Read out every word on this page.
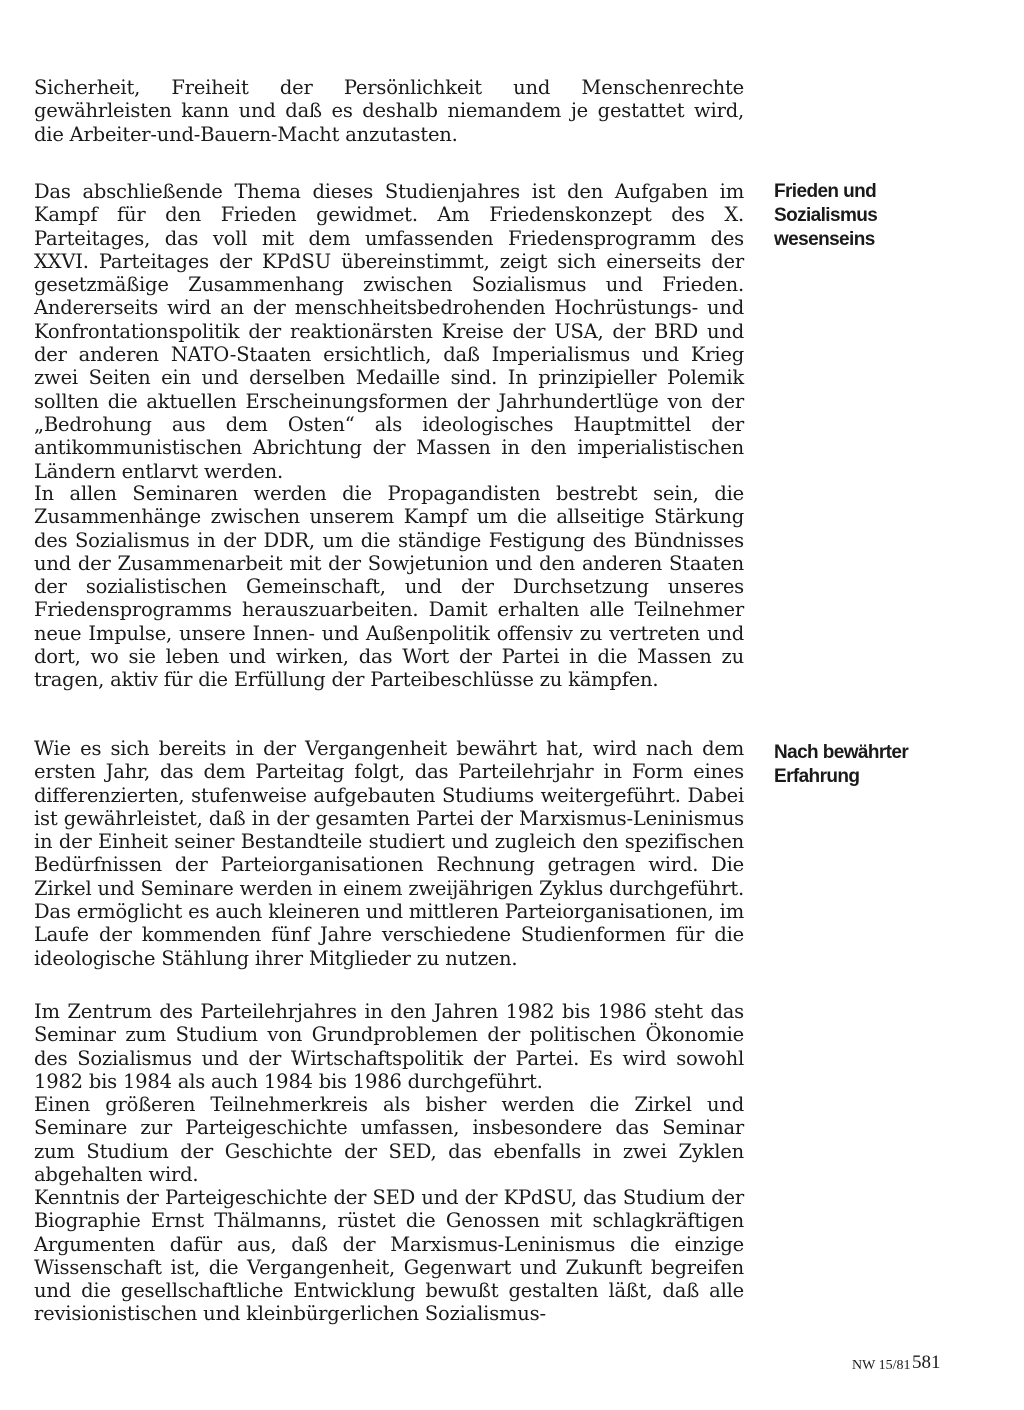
Sicherheit, Freiheit der Persönlichkeit und Menschenrechte gewährleisten kann und daß es deshalb niemandem je gestattet wird, die Arbeiter-und-Bauern-Macht anzutasten.

Das abschließende Thema dieses Studienjahres ist den Aufgaben im Kampf für den Frieden gewidmet. Am Friedenskonzept des X. Parteitages, das voll mit dem umfassenden Friedensprogramm des XXVI. Parteitages der KPdSU übereinstimmt, zeigt sich einerseits der gesetzmäßige Zusammenhang zwischen Sozialismus und Frieden. Andererseits wird an der menschheitsbedrohenden Hochrüstungs- und Konfrontationspolitik der reaktionärsten Kreise der USA, der BRD und der anderen NATO-Staaten ersichtlich, daß Imperialismus und Krieg zwei Seiten ein und derselben Medaille sind. In prinzipieller Polemik sollten die aktuellen Erscheinungsformen der Jahrhundertlüge von der „Bedrohung aus dem Osten“ als ideologisches Hauptmittel der antikommunistischen Abrichtung der Massen in den imperialistischen Ländern entlarvt werden.

In allen Seminaren werden die Propagandisten bestrebt sein, die Zusammenhänge zwischen unserem Kampf um die allseitige Stärkung des Sozialismus in der DDR, um die ständige Festigung des Bündnisses und der Zusammenarbeit mit der Sowjetunion und den anderen Staaten der sozialistischen Gemeinschaft, und der Durchsetzung unseres Friedensprogramms herauszuarbeiten. Damit erhalten alle Teilnehmer neue Impulse, unsere Innen- und Außenpolitik offensiv zu vertreten und dort, wo sie leben und wirken, das Wort der Partei in die Massen zu tragen, aktiv für die Erfüllung der Parteibeschlüsse zu kämpfen.

Wie es sich bereits in der Vergangenheit bewährt hat, wird nach dem ersten Jahr, das dem Parteitag folgt, das Parteilehrjahr in Form eines differenzierten, stufenweise aufgebauten Studiums weitergeführt. Dabei ist gewährleistet, daß in der gesamten Partei der Marxismus-Leninismus in der Einheit seiner Bestandteile studiert und zugleich den spezifischen Bedürfnissen der Parteiorganisationen Rechnung getragen wird. Die Zirkel und Seminare werden in einem zweijährigen Zyklus durchgeführt. Das ermöglicht es auch kleineren und mittleren Parteiorganisationen, im Laufe der kommenden fünf Jahre verschiedene Studienformen für die ideologische Stählung ihrer Mitglieder zu nutzen.

Im Zentrum des Parteilehrjahres in den Jahren 1982 bis 1986 steht das Seminar zum Studium von Grundproblemen der politischen Ökonomie des Sozialismus und der Wirtschaftspolitik der Partei. Es wird sowohl 1982 bis 1984 als auch 1984 bis 1986 durchgeführt.

Einen größeren Teilnehmerkreis als bisher werden die Zirkel und Seminare zur Parteigeschichte umfassen, insbesondere das Seminar zum Studium der Geschichte der SED, das ebenfalls in zwei Zyklen abgehalten wird.

Kenntnis der Parteigeschichte der SED und der KPdSU, das Studium der Biographie Ernst Thälmanns, rüstet die Genossen mit schlagkräftigen Argumenten dafür aus, daß der Marxismus-Leninismus die einzige Wissenschaft ist, die Vergangenheit, Gegenwart und Zukunft begreifen und die gesellschaftliche Entwicklung bewußt gestalten läßt, daß alle revisionistischen und kleinbürgerlichen Sozialismus-

Frieden und Sozialismus wesenseins

Nach bewährter Erfahrung

NW 15/81 581
